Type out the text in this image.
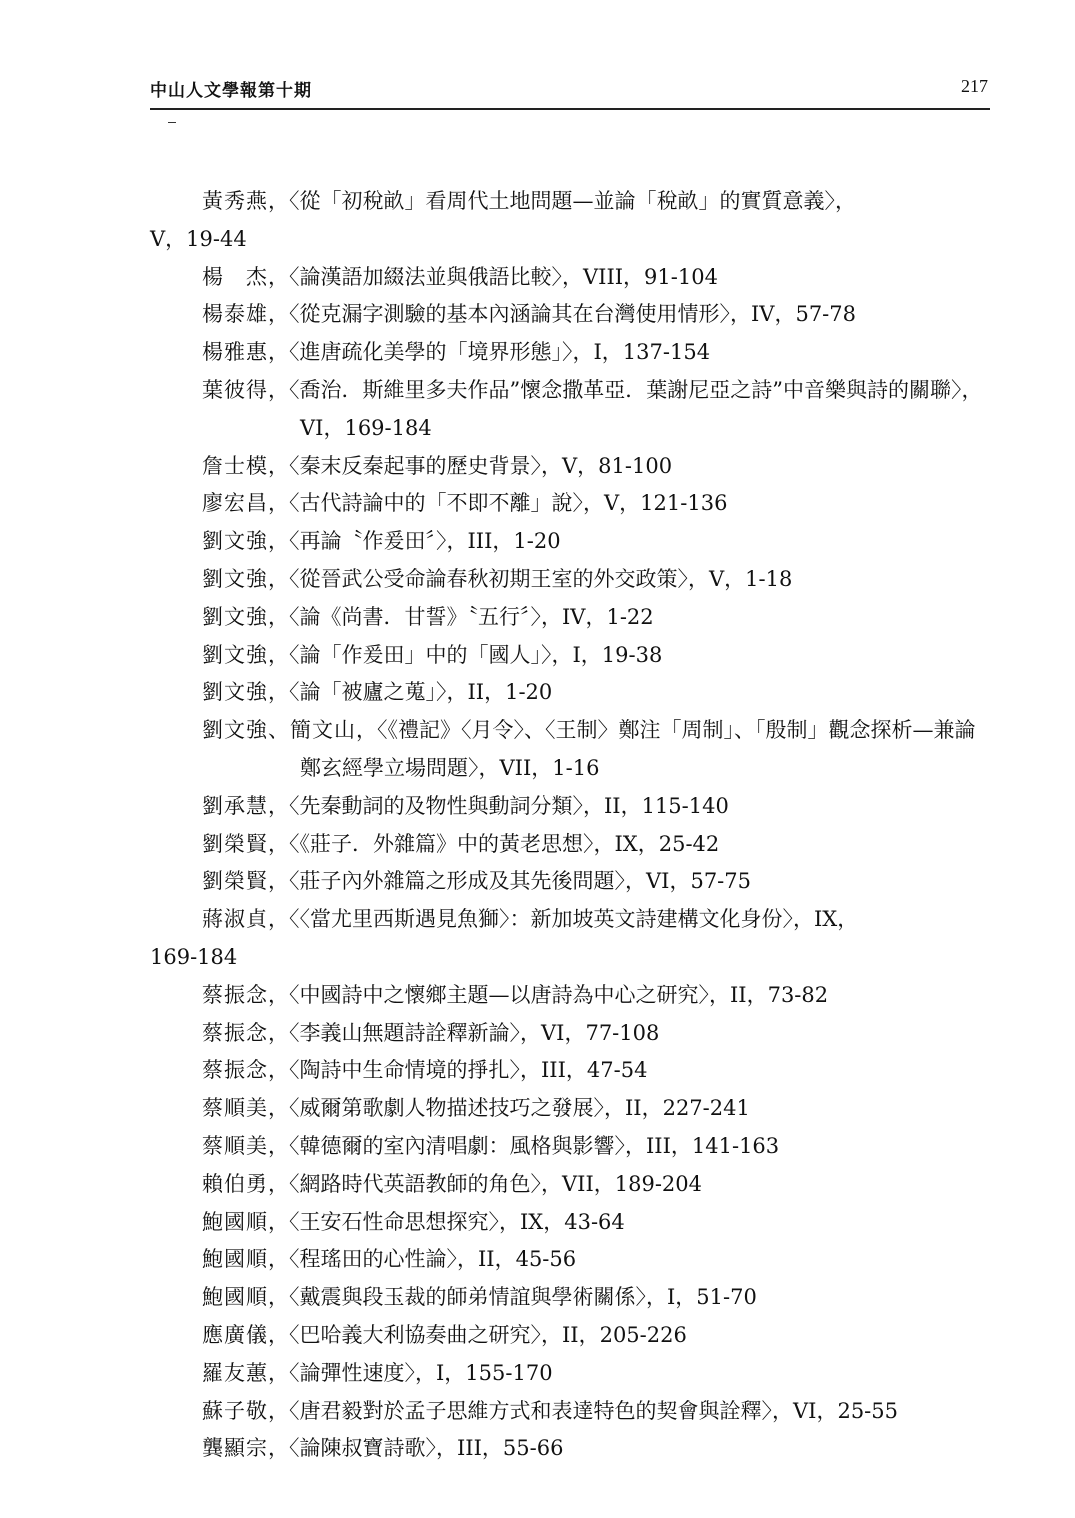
中山人文學報第十期	217

黃秀燕，〈從「初稅畝」看周代土地問題—並論「稅畝」的實質意義〉，
V，19-44

楊　杰，〈論漢語加綴法並與俄語比較〉，VIII，91-104

楊泰雄，〈從克漏字測驗的基本內涵論其在台灣使用情形〉，IV，57-78

楊雅惠，〈進唐疏化美學的「境界形態」〉，I，137-154

葉彼得，〈喬治．斯維里多夫作品”懷念撒革亞．葉謝尼亞之詩”中音樂與詩的關聯〉，VI，169-184

詹士模，〈秦末反秦起事的歷史背景〉，V，81-100

廖宏昌，〈古代詩論中的「不即不離」說〉，V，121-136

劉文強，〈再論〝作爰田〞〉，III，1-20

劉文強，〈從晉武公受命論春秋初期王室的外交政策〉，V，1-18

劉文強，〈論《尚書．甘誓》〝五行〞〉，IV，1-22

劉文強，〈論「作爰田」中的「國人」〉，I，19-38

劉文強，〈論「被廬之蒐」〉，II，1-20

劉文強、簡文山，〈《禮記》〈月令〉、〈王制〉鄭注「周制」、「殷制」觀念探析—兼論鄭玄經學立場問題〉，VII，1-16

劉承慧，〈先秦動詞的及物性與動詞分類〉，II，115-140

劉榮賢，〈《莊子．外雜篇》中的黃老思想〉，IX，25-42

劉榮賢，〈莊子內外雜篇之形成及其先後問題〉，VI，57-75

蔣淑貞，〈〈當尤里西斯遇見魚獅〉：新加坡英文詩建構文化身份〉，IX，
169-184

蔡振念，〈中國詩中之懷鄉主題—以唐詩為中心之研究〉，II，73-82

蔡振念，〈李義山無題詩詮釋新論〉，VI，77-108

蔡振念，〈陶詩中生命情境的掙扎〉，III，47-54

蔡順美，〈威爾第歌劇人物描述技巧之發展〉，II，227-241

蔡順美，〈韓德爾的室內清唱劇：風格與影響〉，III，141-163

賴伯勇，〈網路時代英語教師的角色〉，VII，189-204

鮑國順，〈王安石性命思想探究〉，IX，43-64

鮑國順，〈程瑤田的心性論〉，II，45-56

鮑國順，〈戴震與段玉裁的師弟情誼與學術關係〉，I，51-70

應廣儀，〈巴哈義大利協奏曲之研究〉，II，205-226

羅友蕙，〈論彈性速度〉，I，155-170

蘇子敬，〈唐君毅對於孟子思維方式和表達特色的契會與詮釋〉，VI，25-55

龔顯宗，〈論陳叔寶詩歌〉，III，55-66
